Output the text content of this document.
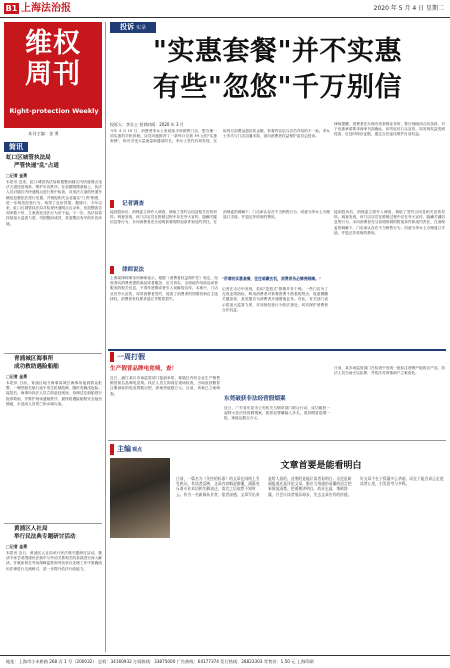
B1 上海法治报	2020 年 5 月 4 日 星期二
维权周刊
Right-protection Weekly
本刊主编：金 勇
简讯
虹口区城管执法局
严管快递"乱"占道
□记者 金勇
本报讯 近来，虹口城管执法局积极整治辖区内快递网点违法占道经营现象，维护市容秩序。在前期排摸基础上，执法人员对辖区内快递网点进行集中检查，对违法占道的快递车辆及包裹依法进行处置，并督促相关企业落实"门责"制度，进一步规范经营行为，取得了良好效果。据统计，今年以来，虹口区城管执法局共检查快递网点百余家，发放整改告知单数十份，立案查处违法行为若干起。下一步，执法局将持续加大巡查力度，巩固整治成效，营造整洁有序的市容环境。
青浦城区海事所
成功救助遇险船舶
□记者 金勇
本报讯 日前，青浦区地方海事局城区海事所接到群众报警，一艘货船在航行途中发生机械故障，随时有搁浅危险。接报后，海事所执法人员立即赶赴现场，协调过往船舶进行拖带救助，并维护现场通航秩序，最终将遇险船舶安全拖至锚地，未造成人员伤亡和水域污染。
黄浦区人社局
举行民法典专题研讨活动
□记者 金勇
本报讯 近日，黄浦区人社局举行民法典专题研讨活动，邀请专家学者围绕民法典中与劳动关系相关的条款进行深入解读，并就如何在劳动保障监察和劳动争议处理工作中准确适用法律进行交流研讨，进一步提升依法行政能力。
投诉 实录
"实惠套餐"并不实惠
有些"忽悠"千万别信
投诉人：李女士 投诉时间：2020 年 3 月
今年 4 月 19 日，消费者李女士来到某手机销售门店，想办理一项实惠的手机套餐。店员向她推荐了一款每月仅需 39 元的"实惠套餐"，称可享受大量流量和通话时长。李女士签约后却发现，实际每月扣费远超宣传金额，套餐内容也与店员介绍的不一致。李女士多次与门店沟通未果，遂向消费者权益保护委员会投诉。
律师提醒，消费者在办理各类套餐业务时，要仔细阅读合同条款，对于优惠承诺要求商家书面确认，切勿轻信口头宣传。如发现权益受到侵害，应及时保存证据，通过合法途径维护自身权益。
记者调查
接到投诉后，消保委立即介入调查，调取了签约合同及相关宣传材料。调查发现，该门店店员在推销过程中存在夸大宣传、隐瞒关键信息等行为，未向消费者充分说明套餐的附加条件和违约责任。在消保委的调解下，门店承认存在不当销售行为，同意为李女士办理退订手续，并退还多收取的费用。
律师说法
上海某律师事务所律师表示，根据《消费者权益保护法》规定，经营者向消费者提供商品或者服务，应当真实、全面地介绍商品或者服务的相关信息，不得作虚假或者引人误解的宣传。本案中，门店店员夸大宣传，误导消费者签约，侵害了消费者的知情权和自主选择权，消费者有权要求退订并赔偿损失。
"所谓的实惠套餐，往往暗藏玄机，消费者务必擦亮眼睛。"
记者在走访中发现，类似"忽悠式"推销并非个例。一些门店为了完成业绩指标，利用消费者对套餐资费不熟悉的特点，故意模糊关键条款，甚至擅自为消费者开通增值业务。对此，有关部门表示将加大监管力度，对违规经营行为依法查处，切实保护消费者合法权益。
接到投诉后，消保委立即介入调查，调取了签约合同及相关宣传材料。调查发现，该门店店员在推销过程中存在夸大宣传、隐瞒关键信息等行为，未向消费者充分说明套餐的附加条件和违约责任。在消保委的调解下，门店承认存在不当销售行为，同意为李女士办理退订手续，并退还多收取的费用。
一周打假
生产假冒品牌电竞椅，查！
近日，浦江某区市场监管部门接到举报，称辖区内有企业生产销售假冒知名品牌电竞椅。执法人员立即前往现场检查，当场查获假冒注册商标的电竞椅数百把，涉案货值数万元。目前，该案已立案调查。
东莞破获非法经营假烟案
近日，广东省东莞市公安机关与烟草部门联合行动，成功破获一起特大非法经营假烟案，抓获犯罪嫌疑人多名，查扣假冒卷烟一批，案值达数百万元。
日前，某市场监管部门在检查中发现一批标注虚假产地的农产品，执法人员当场予以扣押，并依法对涉事商户立案查处。
主编观点
文章首要是能看明白
日前，一篇名为《失控的标准》的文章在网络上引发热议。有读者反映，文章内容晦涩难懂，通篇充斥着专业术语和生僻表达，读完之后依然不知所云。作为一名新闻从业者，笔者深感，文章写出来是给人看的，首要的是能让读者看明白。无论是新闻报道还是评论文章，都应当用通俗易懂的语言把事情说清楚、把道理讲明白。故弄玄虚、堆砌辞藻，只会让读者望而却步，失去文章应有的价值。好文章不在于辞藻多么华丽，而在于能否真正走进读者心里，引发思考与共鸣。
地址：上海市小木桥路 268 弄 1 号（200032） 总机：34160932 订阅热线：33875000 广告热线：64177374 发行热线：28823303 零售价：1.50 元 上海印刷
